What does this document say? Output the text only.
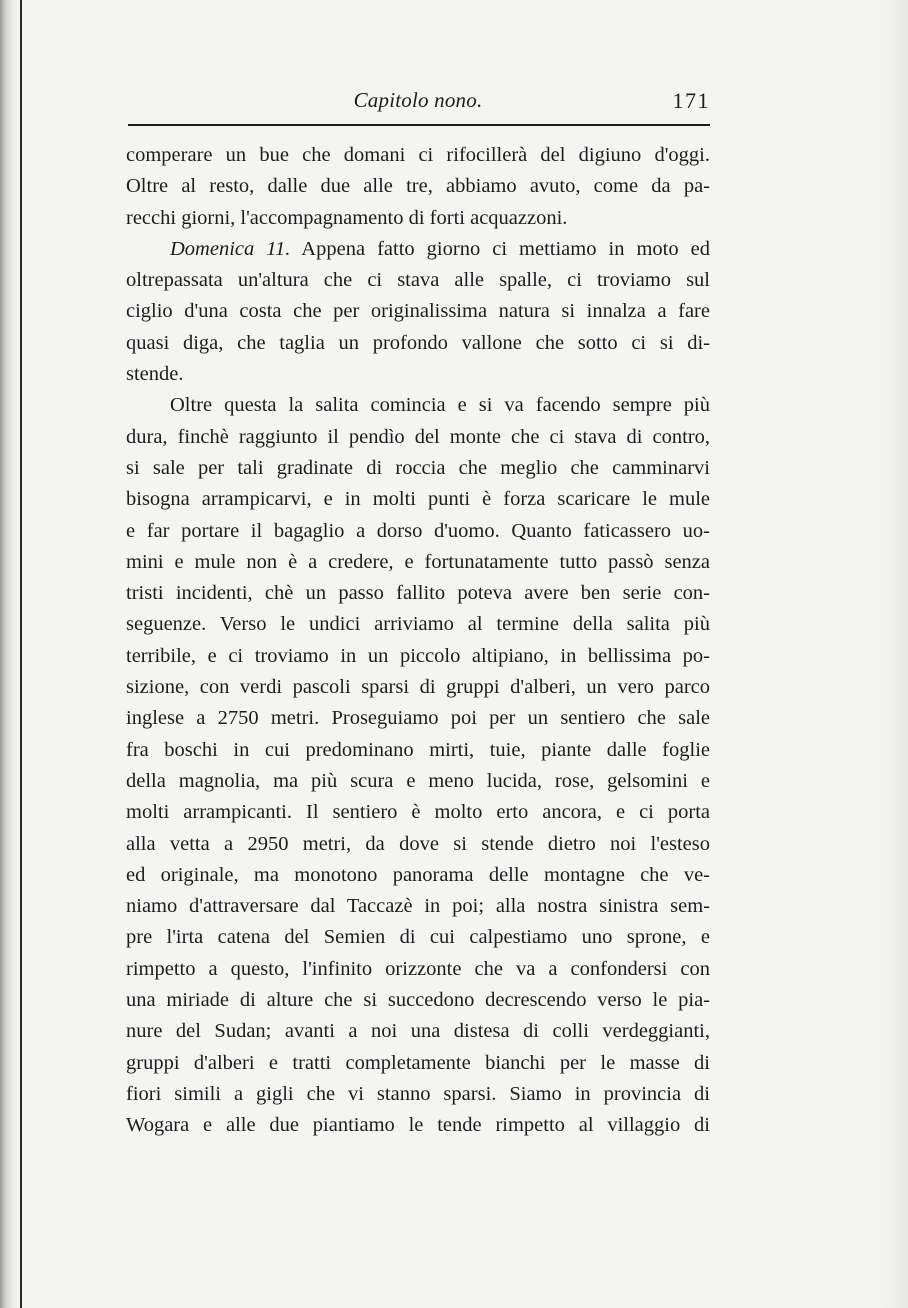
Capitolo nono.	171
comperare un bue che domani ci rifocillerà del digiuno d'oggi.
Oltre al resto, dalle due alle tre, abbiamo avuto, come da pa-
recchi giorni, l'accompagnamento di forti acquazzoni.
Domenica 11. Appena fatto giorno ci mettiamo in moto ed
oltrepassata un'altura che ci stava alle spalle, ci troviamo sul
ciglio d'una costa che per originalissima natura si innalza a fare
quasi diga, che taglia un profondo vallone che sotto ci si di-
stende.
Oltre questa la salita comincia e si va facendo sempre più
dura, finchè raggiunto il pendìo del monte che ci stava di contro,
si sale per tali gradinate di roccia che meglio che camminarvi
bisogna arrampicarvi, e in molti punti è forza scaricare le mule
e far portare il bagaglio a dorso d'uomo. Quanto faticassero uo-
mini e mule non è a credere, e fortunatamente tutto passò senza
tristi incidenti, chè un passo fallito poteva avere ben serie con-
seguenze. Verso le undici arriviamo al termine della salita più
terribile, e ci troviamo in un piccolo altipiano, in bellissima po-
sizione, con verdi pascoli sparsi di gruppi d'alberi, un vero parco
inglese a 2750 metri. Proseguiamo poi per un sentiero che sale
fra boschi in cui predominano mirti, tuie, piante dalle foglie
della magnolia, ma più scura e meno lucida, rose, gelsomini e
molti arrampicanti. Il sentiero è molto erto ancora, e ci porta
alla vetta a 2950 metri, da dove si stende dietro noi l'esteso
ed originale, ma monotono panorama delle montagne che ve-
niamo d'attraversare dal Taccazè in poi; alla nostra sinistra sem-
pre l'irta catena del Semien di cui calpestiamo uno sprone, e
rimpetto a questo, l'infinito orizzonte che va a confondersi con
una miriade di alture che si succedono decrescendo verso le pia-
nure del Sudan; avanti a noi una distesa di colli verdeggianti,
gruppi d'alberi e tratti completamente bianchi per le masse di
fiori simili a gigli che vi stanno sparsi. Siamo in provincia di
Wogara e alle due piantiamo le tende rimpetto al villaggio di
